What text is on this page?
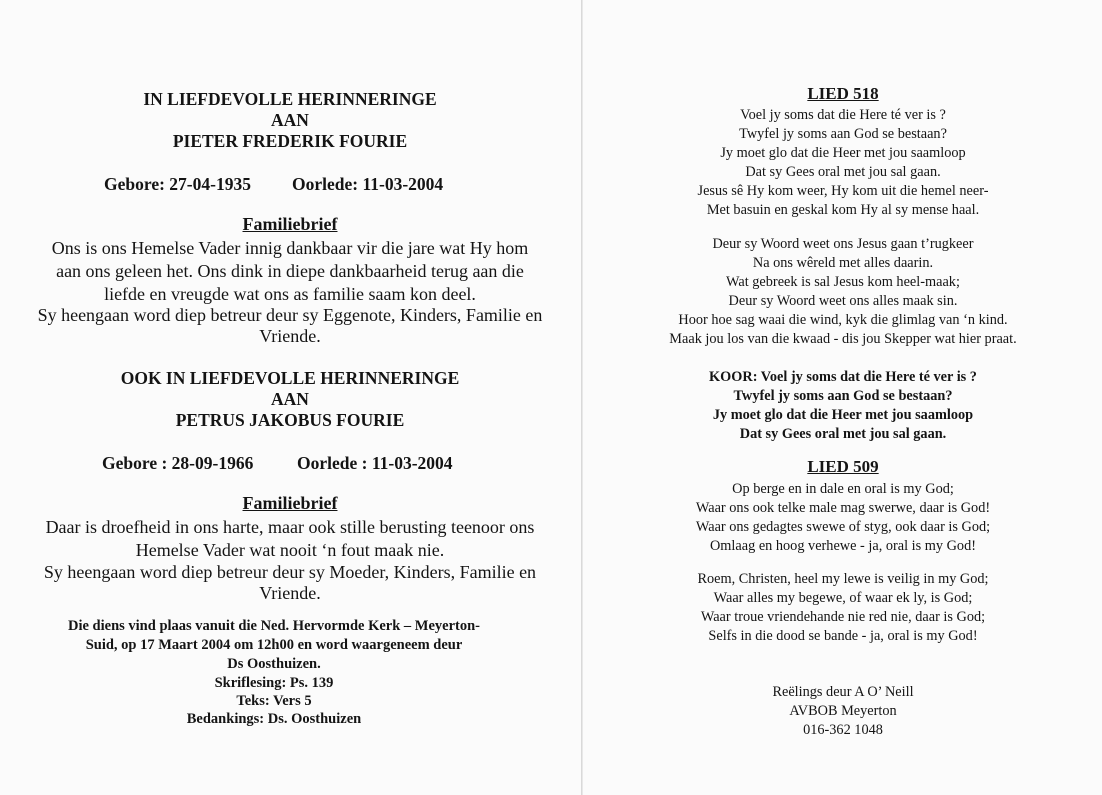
IN LIEFDEVOLLE HERINNERINGE
AAN
PIETER FREDERIK FOURIE
Gebore: 27-04-1935 Oorlede: 11-03-2004
Familiebrief
Ons is ons Hemelse Vader innig dankbaar vir die jare wat Hy hom
aan ons geleen het. Ons dink in diepe dankbaarheid terug aan die
liefde en vreugde wat ons as familie saam kon deel.
Sy heengaan word diep betreur deur sy Eggenote, Kinders, Familie en
Vriende.
OOK IN LIEFDEVOLLE HERINNERINGE
AAN
PETRUS JAKOBUS FOURIE
Gebore : 28-09-1966 Oorlede : 11-03-2004
Familiebrief
Daar is droefheid in ons harte, maar ook stille berusting teenoor ons
Hemelse Vader wat nooit ‘n fout maak nie.
Sy heengaan word diep betreur deur sy Moeder, Kinders, Familie en
Vriende.
Die diens vind plaas vanuit die Ned. Hervormde Kerk – Meyerton-
Suid, op 17 Maart 2004 om 12h00 en word waargeneem deur
Ds Oosthuizen.
Skriflesing: Ps. 139
Teks: Vers 5
Bedankings: Ds. Oosthuizen
LIED 518
Voel jy soms dat die Here té ver is ?
Twyfel jy soms aan God se bestaan?
Jy moet glo dat die Heer met jou saamloop
Dat sy Gees oral met jou sal gaan.
Jesus sê Hy kom weer, Hy kom uit die hemel neer-
Met basuin en geskal kom Hy al sy mense haal.
Deur sy Woord weet ons Jesus gaan t’rugkeer
Na ons wêreld met alles daarin.
Wat gebreek is sal Jesus kom heel-maak;
Deur sy Woord weet ons alles maak sin.
Hoor hoe sag waai die wind, kyk die glimlag van ‘n kind.
Maak jou los van die kwaad - dis jou Skepper wat hier praat.
KOOR: Voel jy soms dat die Here té ver is ?
Twyfel jy soms aan God se bestaan?
Jy moet glo dat die Heer met jou saamloop
Dat sy Gees oral met jou sal gaan.
LIED 509
Op berge en in dale en oral is my God;
Waar ons ook telke male mag swerwe, daar is God!
Waar ons gedagtes swewe of styg, ook daar is God;
Omlaag en hoog verhewe - ja, oral is my God!
Roem, Christen, heel my lewe is veilig in my God;
Waar alles my begewe, of waar ek ly, is God;
Waar troue vriendehande nie red nie, daar is God;
Selfs in die dood se bande - ja, oral is my God!
Reëlings deur A O’ Neill
AVBOB Meyerton
016-362 1048
